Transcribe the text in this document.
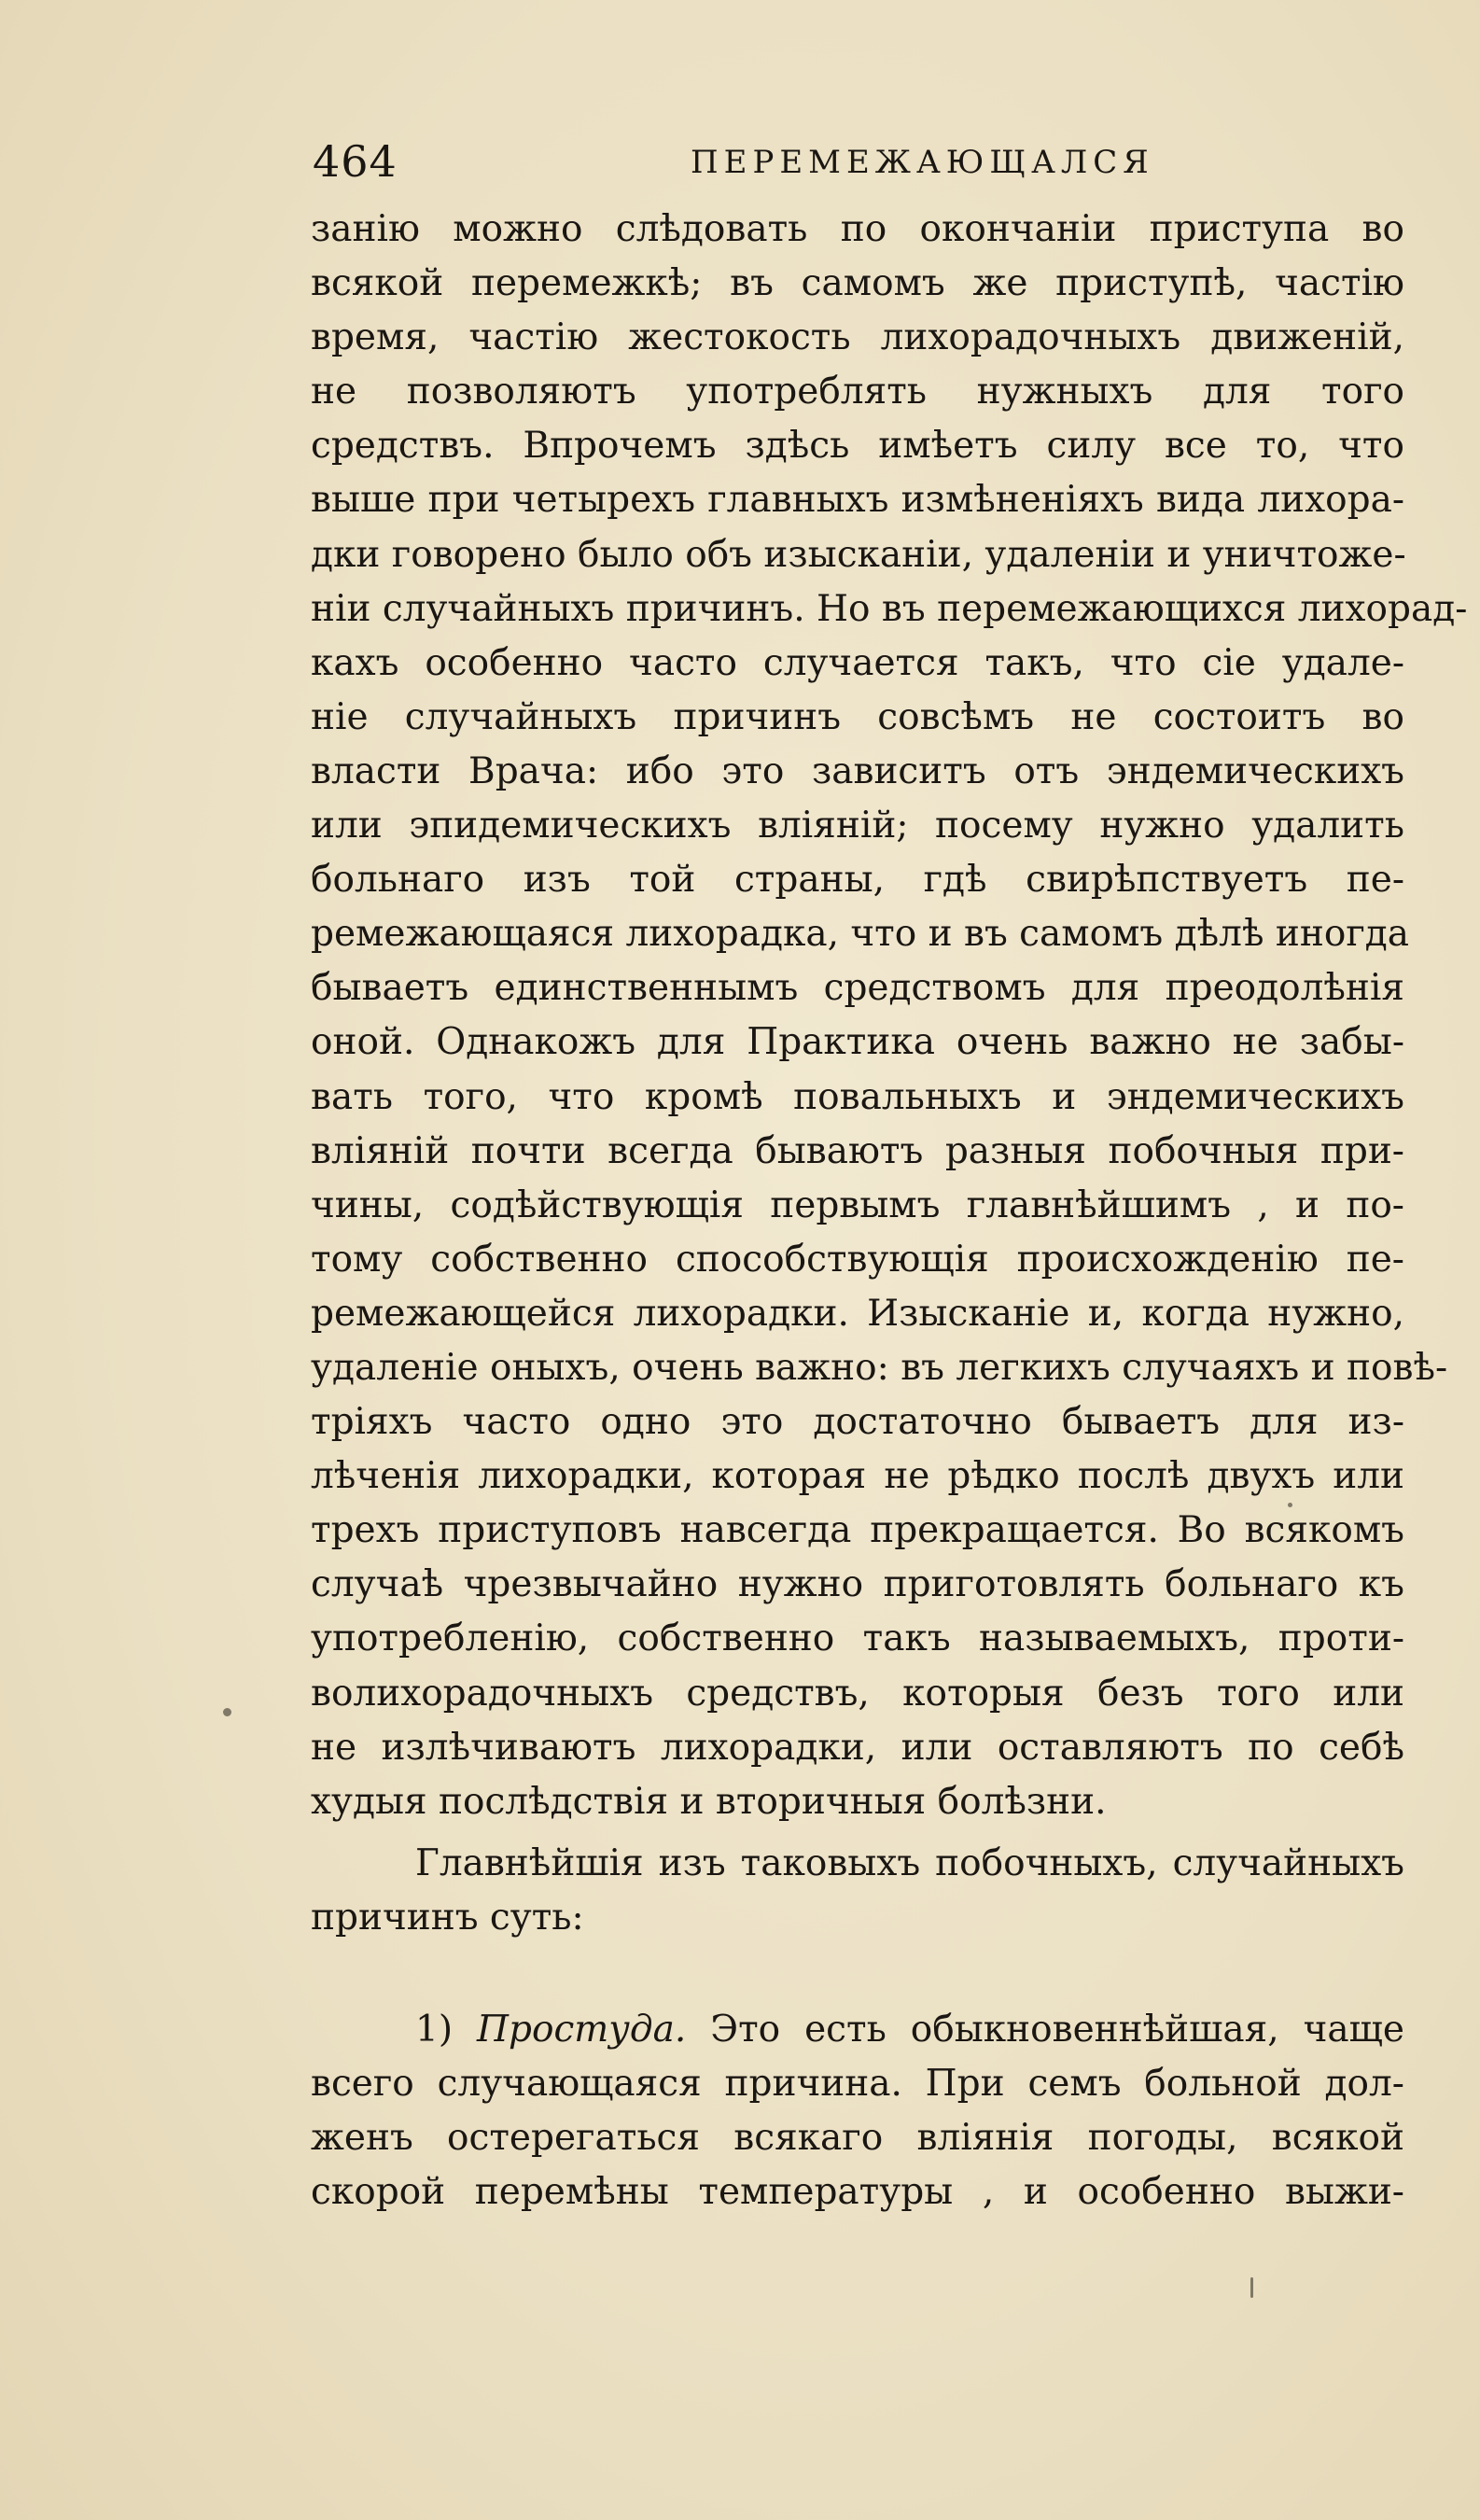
464	ПЕРЕМЕЖАЮЩАЛСЯ
занію можно слѣдовать по окончаніи приступа во
всякой перемежкѣ; въ самомъ же приступѣ, частію
время, частію жестокость лихорадочныхъ движеній,
не позволяютъ употреблять нужныхъ для того
средствъ. Впрочемъ здѣсь имѣетъ силу все то, что
выше при четырехъ главныхъ измѣненіяхъ вида лихора-
дки говорено было объ изысканіи, удаленіи и уничтоже-
ніи случайныхъ причинъ. Но въ перемежающихся лихорад-
кахъ особенно часто случается такъ, что сіе удале-
ніе случайныхъ причинъ совсѣмъ не состоитъ во
власти Врача: ибо это зависитъ отъ эндемическихъ
или эпидемическихъ вліяній; посему нужно удалить
больнаго изъ той страны, гдѣ свирѣпствуетъ пе-
ремежающаяся лихорадка, что и въ самомъ дѣлѣ иногда
бываетъ единственнымъ средствомъ для преодолѣнія
оной. Однакожъ для Практика очень важно не забы-
вать того, что кромѣ повальныхъ и эндемическихъ
вліяній почти всегда бываютъ разныя побочныя при-
чины, содѣйствующія первымъ главнѣйшимъ , и по-
тому собственно способствующія происхожденію пе-
ремежающейся лихорадки. Изысканіе и, когда нужно,
удаленіе оныхъ, очень важно: въ легкихъ случаяхъ и повѣ-
тріяхъ часто одно это достаточно бываетъ для из-
лѣченія лихорадки, которая не рѣдко послѣ двухъ или
трехъ приступовъ навсегда прекращается. Во всякомъ
случаѣ чрезвычайно нужно приготовлять больнаго къ
употребленію, собственно такъ называемыхъ, проти-
волихорадочныхъ средствъ, которыя безъ того или
не излѣчиваютъ лихорадки, или оставляютъ по себѣ
худыя послѣдствія и вторичныя болѣзни.
Главнѣйшія изъ таковыхъ побочныхъ, случайныхъ
причинъ суть:
1) Простуда. Это есть обыкновеннѣйшая, чаще
всего случающаяся причина. При семъ больной дол-
женъ остерегаться всякаго вліянія погоды, всякой
скорой перемѣны температуры , и особенно выжи-
